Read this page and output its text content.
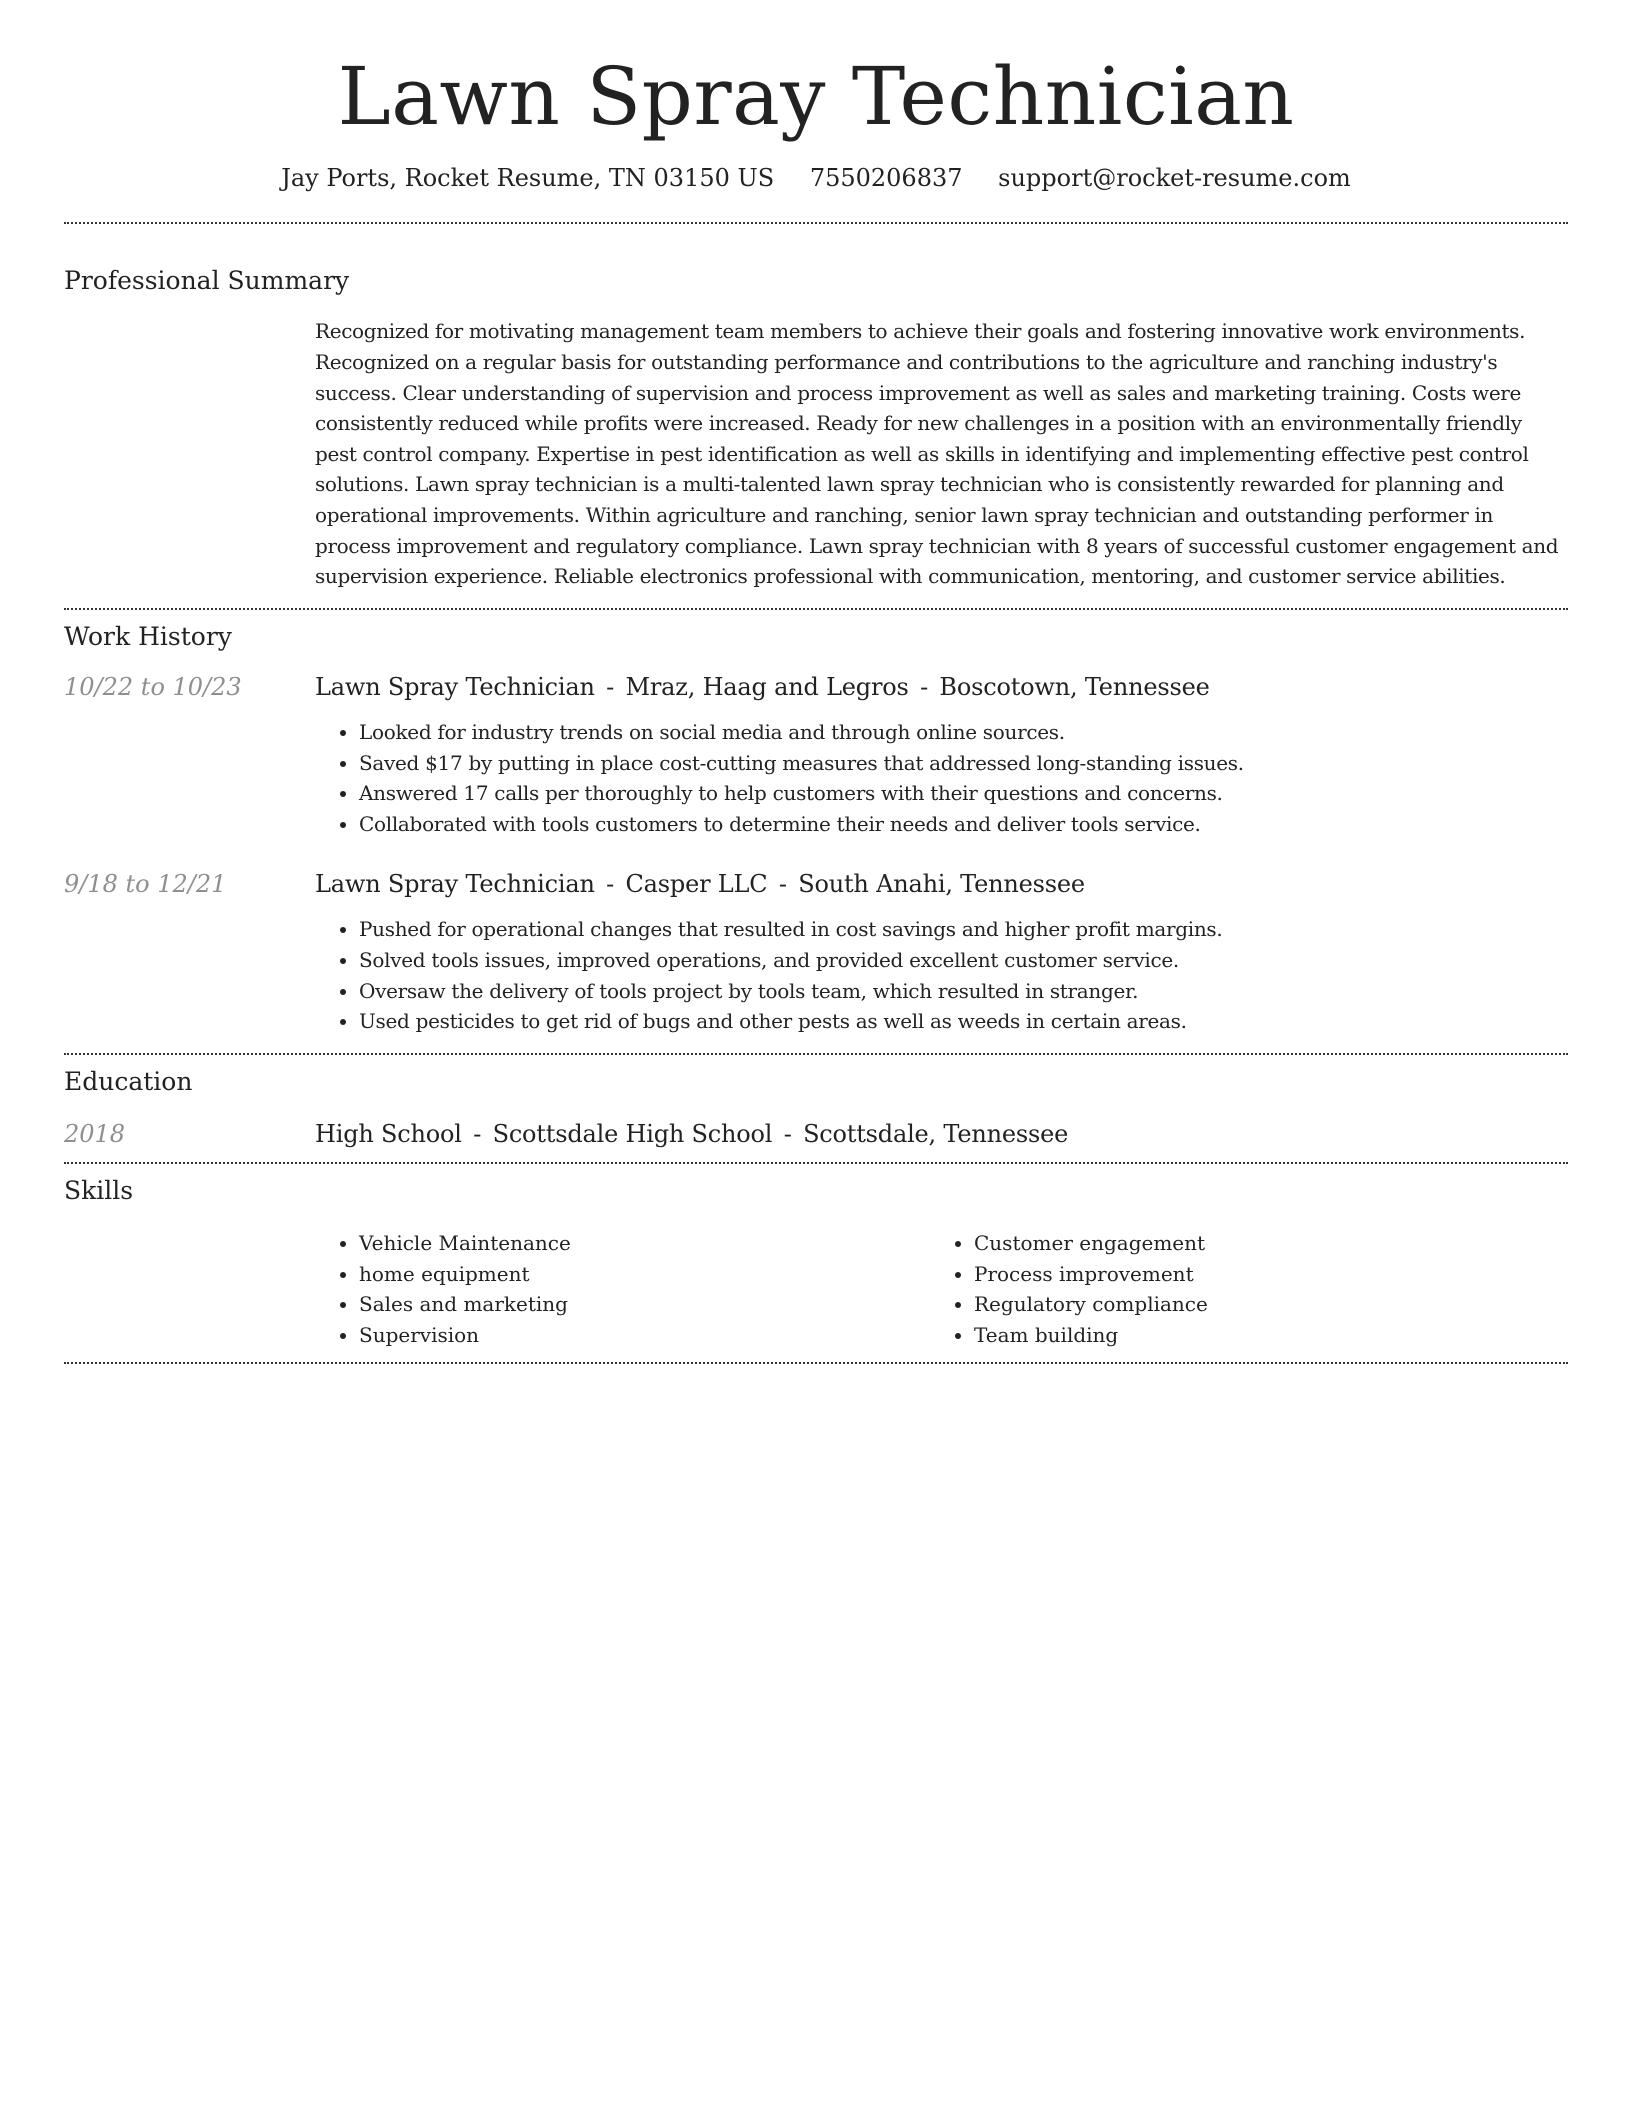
Lawn Spray Technician
Jay Ports, Rocket Resume, TN 03150 US 7550206837 support@rocket-resume.com
Professional Summary
Recognized for motivating management team members to achieve their goals and fostering innovative work environments. Recognized on a regular basis for outstanding performance and contributions to the agriculture and ranching industry's success. Clear understanding of supervision and process improvement as well as sales and marketing training. Costs were consistently reduced while profits were increased. Ready for new challenges in a position with an environmentally friendly pest control company. Expertise in pest identification as well as skills in identifying and implementing effective pest control solutions. Lawn spray technician is a multi-talented lawn spray technician who is consistently rewarded for planning and operational improvements. Within agriculture and ranching, senior lawn spray technician and outstanding performer in process improvement and regulatory compliance. Lawn spray technician with 8 years of successful customer engagement and supervision experience. Reliable electronics professional with communication, mentoring, and customer service abilities.
Work History
10/22 to 10/23	Lawn Spray Technician - Mraz, Haag and Legros - Boscotown, Tennessee
• Looked for industry trends on social media and through online sources.
• Saved $17 by putting in place cost-cutting measures that addressed long-standing issues.
• Answered 17 calls per thoroughly to help customers with their questions and concerns.
• Collaborated with tools customers to determine their needs and deliver tools service.
9/18 to 12/21	Lawn Spray Technician - Casper LLC - South Anahi, Tennessee
• Pushed for operational changes that resulted in cost savings and higher profit margins.
• Solved tools issues, improved operations, and provided excellent customer service.
• Oversaw the delivery of tools project by tools team, which resulted in stranger.
• Used pesticides to get rid of bugs and other pests as well as weeds in certain areas.
Education
2018	High School - Scottsdale High School - Scottsdale, Tennessee
Skills
• Vehicle Maintenance
• home equipment
• Sales and marketing
• Supervision
• Customer engagement
• Process improvement
• Regulatory compliance
• Team building
